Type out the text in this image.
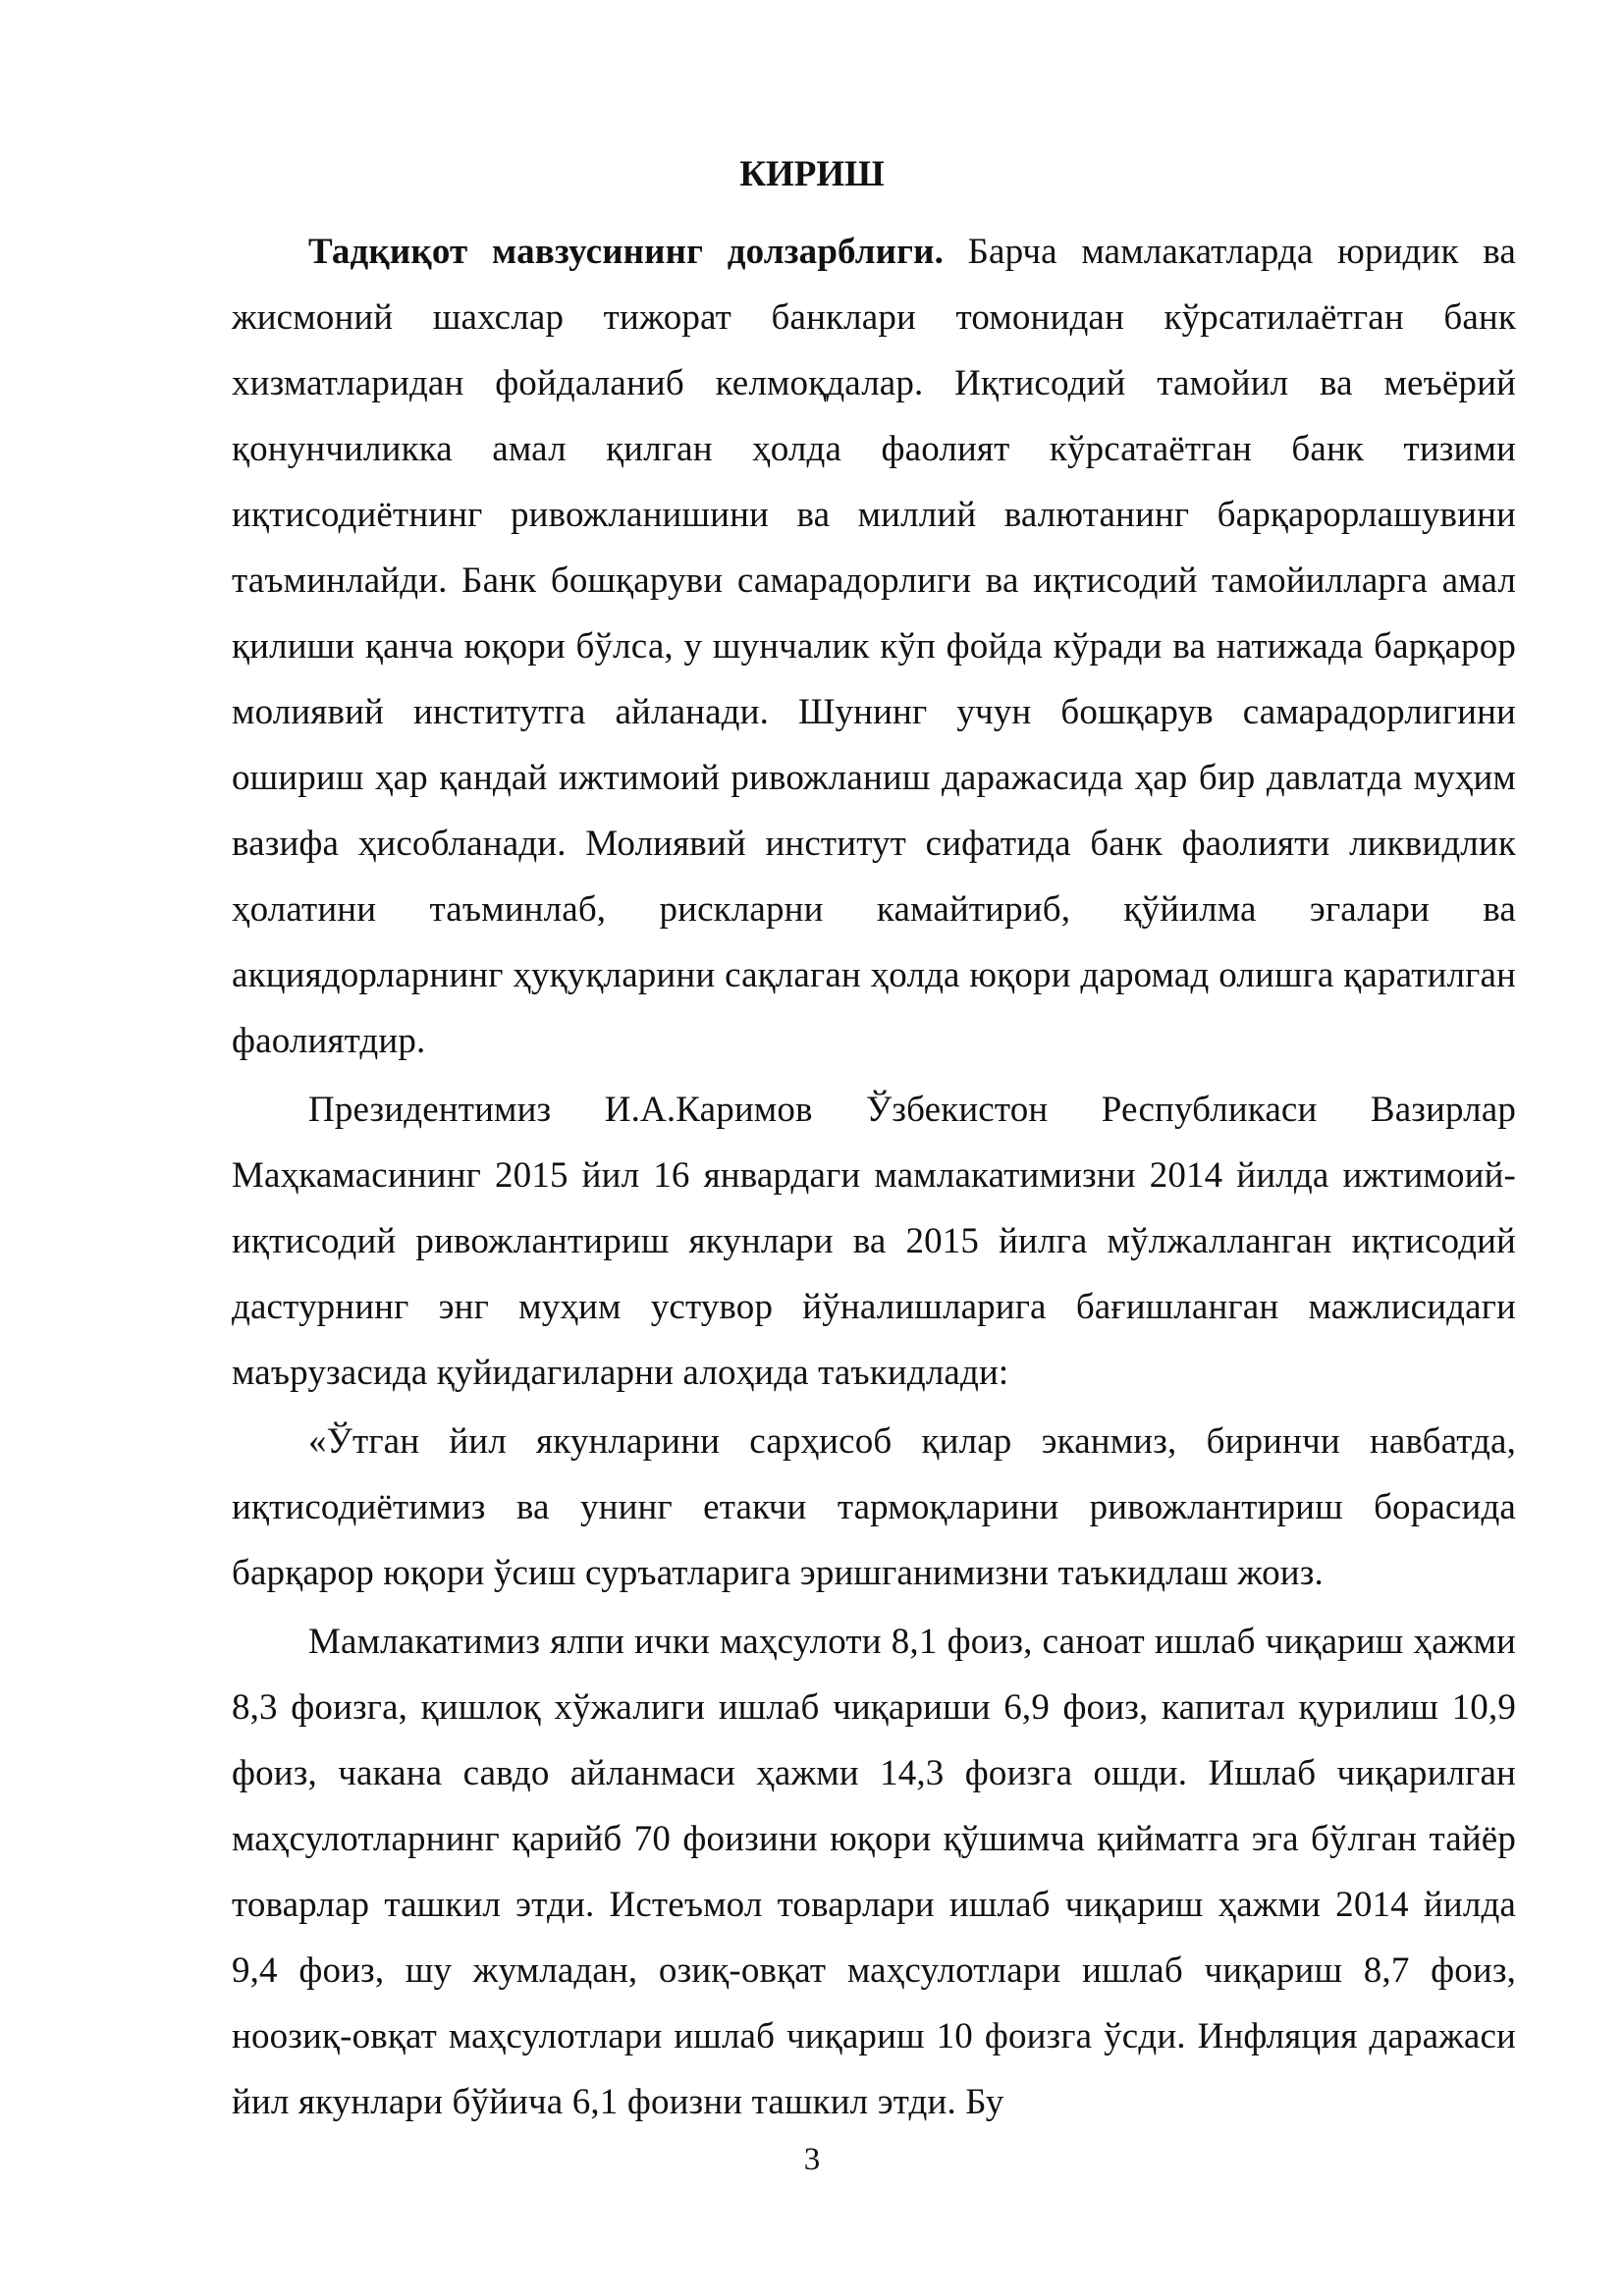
КИРИШ

Тадқиқот мавзусининг долзарблиги. Барча мамлакатларда юридик ва жисмоний шахслар тижорат банклари томонидан кўрсатилаётган банк хизматларидан фойдаланиб келмоқдалар. Иқтисодий тамойил ва меъёрий қонунчиликка амал қилган ҳолда фаолият кўрсатаётган банк тизими иқтисодиётнинг ривожланишини ва миллий валютанинг барқарорлашувини таъминлайди. Банк бошқаруви самарадорлиги ва иқтисодий тамойилларга амал қилиши қанча юқори бўлса, у шунчалик кўп фойда кўради ва натижада барқарор молиявий институтга айланади. Шунинг учун бошқарув самарадорлигини ошириш ҳар қандай ижтимоий ривожланиш даражасида ҳар бир давлатда муҳим вазифа ҳисобланади. Молиявий институт сифатида банк фаолияти ликвидлик ҳолатини таъминлаб, рискларни камайтириб, қўйилма эгалари ва акциядорларнинг ҳуқуқларини сақлаган ҳолда юқори даромад олишга қаратилган фаолиятдир.

Президентимиз И.А.Каримов Ўзбекистон Республикаси Вазирлар Маҳкамасининг 2015 йил 16 январдаги мамлакатимизни 2014 йилда ижтимоий-иқтисодий ривожлантириш якунлари ва 2015 йилга мўлжалланган иқтисодий дастурнинг энг муҳим устувор йўналишларига бағишланган мажлисидаги маърузасида қуйидагиларни алоҳида таъкидлади:

«Ўтган йил якунларини сарҳисоб қилар эканмиз, биринчи навбатда, иқтисодиётимиз ва унинг етакчи тармоқларини ривожлантириш борасида барқарор юқори ўсиш суръатларига эришганимизни таъкидлаш жоиз.

Мамлакатимиз ялпи ички маҳсулоти 8,1 фоиз, саноат ишлаб чиқариш ҳажми 8,3 фоизга, қишлоқ хўжалиги ишлаб чиқариши 6,9 фоиз, капитал қурилиш 10,9 фоиз, чакана савдо айланмаси ҳажми 14,3 фоизга ошди. Ишлаб чиқарилган маҳсулотларнинг қарийб 70 фоизини юқори қўшимча қийматга эга бўлган тайёр товарлар ташкил этди. Истеъмол товарлари ишлаб чиқариш ҳажми 2014 йилда 9,4 фоиз, шу жумладан, озиқ-овқат маҳсулотлари ишлаб чиқариш 8,7 фоиз, ноозиқ-овқат маҳсулотлари ишлаб чиқариш 10 фоизга ўсди. Инфляция даражаси йил якунлари бўйича 6,1 фоизни ташкил этди. Бу

3
